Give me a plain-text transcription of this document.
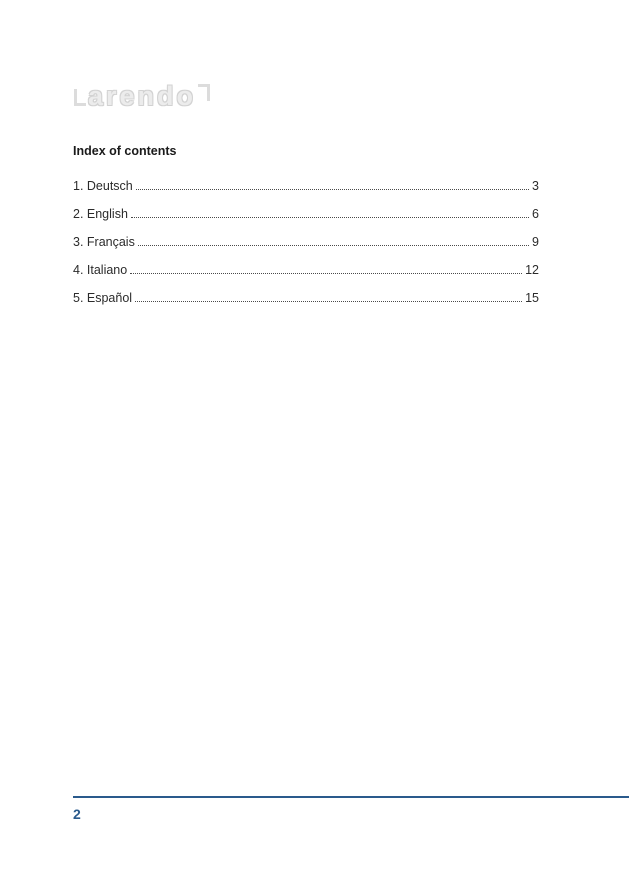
arendo
Index of contents
1. Deutsch	3
2. English	6
3. Français	9
4. Italiano	12
5. Español	15
2
